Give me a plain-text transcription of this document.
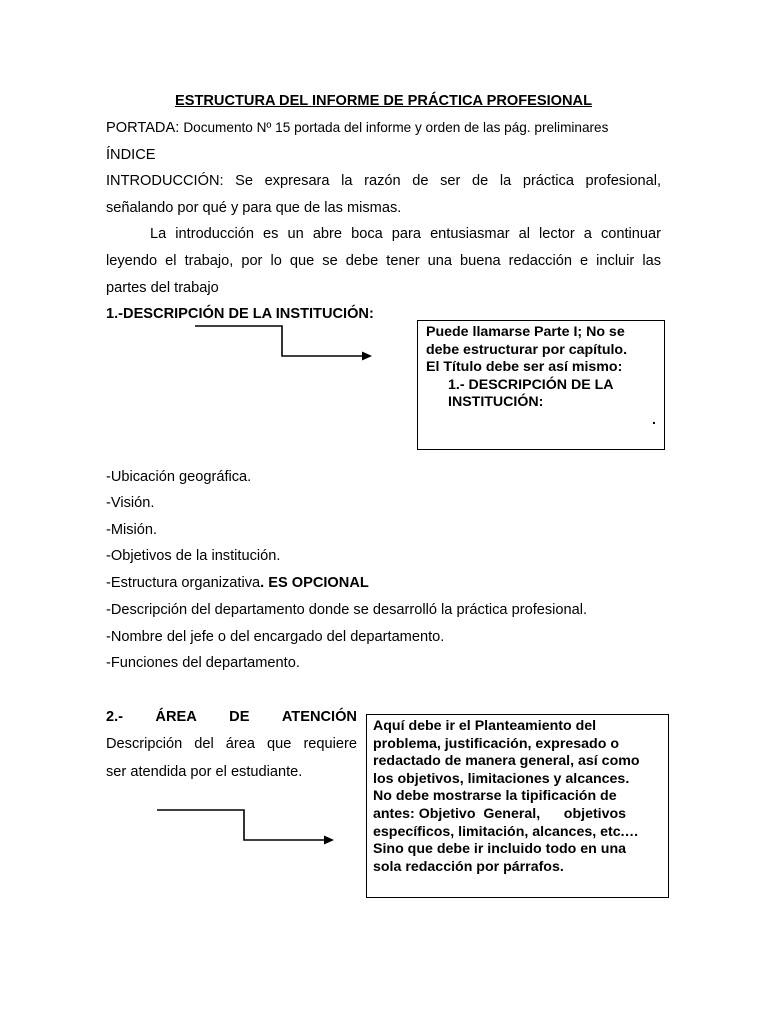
ESTRUCTURA DEL INFORME DE PRÁCTICA PROFESIONAL
PORTADA: Documento Nº 15 portada del informe y orden de las pág. preliminares
ÍNDICE
INTRODUCCIÓN: Se expresara la razón de ser de la práctica profesional,
señalando por qué y para que de las mismas.
La introducción es un abre boca para entusiasmar al lector a continuar
leyendo el trabajo, por lo que se debe tener una buena redacción e incluir las
partes del trabajo
1.-DESCRIPCIÓN DE LA INSTITUCIÓN:
Puede llamarse Parte I; No se
debe estructurar por capítulo.
El Título debe ser así mismo:
1.- DESCRIPCIÓN DE LA
INSTITUCIÓN:
.
-Ubicación geográfica.
-Visión.
-Misión.
-Objetivos de la institución.
-Estructura organizativa. ES OPCIONAL
-Descripción del departamento donde se desarrolló la práctica profesional.
-Nombre del jefe o del encargado del departamento.
-Funciones del departamento.
2.- ÁREA DE ATENCIÓN
Descripción del área que requiere
ser atendida por el estudiante.
Aquí debe ir el Planteamiento del
problema, justificación, expresado o
redactado de manera general, así como
los objetivos, limitaciones y alcances.
No debe mostrarse la tipificación de
antes: Objetivo  General,      objetivos
específicos, limitación, alcances, etc.…
Sino que debe ir incluido todo en una
sola redacción por párrafos.
